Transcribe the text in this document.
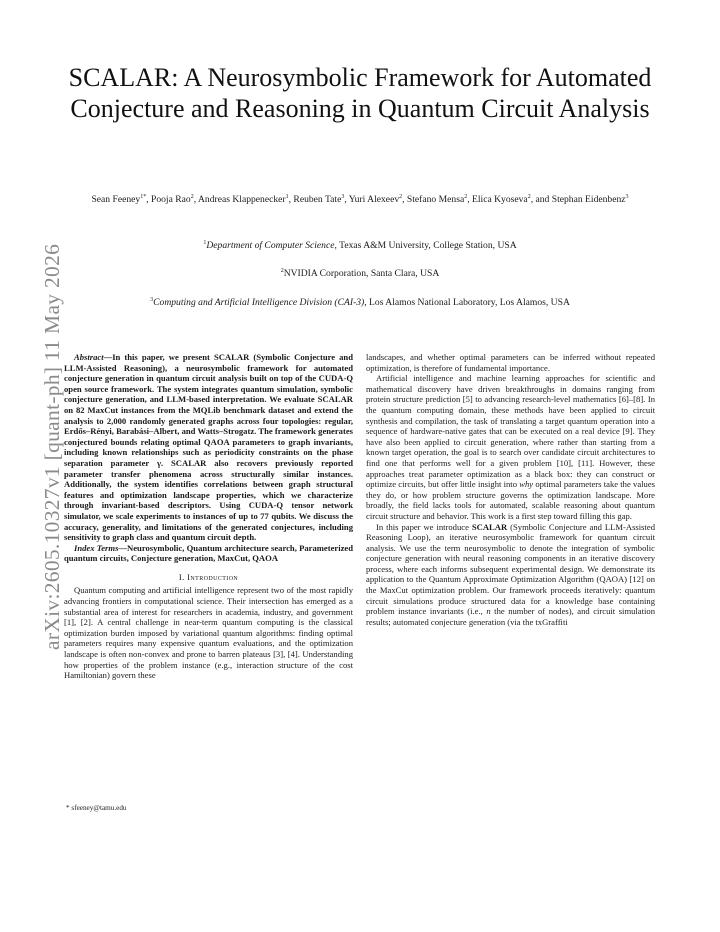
arXiv:2605.10327v1 [quant-ph] 11 May 2026
SCALAR: A Neurosymbolic Framework for Automated Conjecture and Reasoning in Quantum Circuit Analysis
Sean Feeney$^{1*}$, Pooja Rao$^2$, Andreas Klappenecker$^1$, Reuben Tate$^3$, Yuri Alexeev$^2$, Stefano Mensa$^2$, Elica Kyoseva$^2$, and Stephan Eidenbenz$^3$
$^1$Department of Computer Science, Texas A&M University, College Station, USA
$^2$NVIDIA Corporation, Santa Clara, USA
$^3$Computing and Artificial Intelligence Division (CAI-3), Los Alamos National Laboratory, Los Alamos, USA

Abstract—In this paper, we present SCALAR (Symbolic Conjecture and LLM-Assisted Reasoning), a neurosymbolic framework for automated conjecture generation in quantum circuit analysis built on top of the CUDA-Q open source framework. The system integrates quantum simulation, symbolic conjecture generation, and LLM-based interpretation. We evaluate SCALAR on 82 MaxCut instances from the MQLib benchmark dataset and extend the analysis to 2,000 randomly generated graphs across four topologies: regular, Erdős–Rényi, Barabási–Albert, and Watts–Strogatz. The framework generates conjectured bounds relating optimal QAOA parameters to graph invariants, including known relationships such as periodicity constraints on the phase separation parameter γ. SCALAR also recovers previously reported parameter transfer phenomena across structurally similar instances. Additionally, the system identifies correlations between graph structural features and optimization landscape properties, which we characterize through invariant-based descriptors. Using CUDA-Q tensor network simulator, we scale experiments to instances of up to 77 qubits. We discuss the accuracy, generality, and limitations of the generated conjectures, including sensitivity to graph class and quantum circuit depth.

Index Terms—Neurosymbolic, Quantum architecture search, Parameterized quantum circuits, Conjecture generation, MaxCut, QAOA

I. Introduction

Quantum computing and artificial intelligence represent two of the most rapidly advancing frontiers in computational science. Their intersection has emerged as a substantial area of interest for researchers in academia, industry, and government [1], [2]. A central challenge in near-term quantum computing is the classical optimization burden imposed by variational quantum algorithms: finding optimal parameters requires many expensive quantum evaluations, and the optimization landscape is often non-convex and prone to barren plateaus [3], [4]. Understanding how properties of the problem instance (e.g., interaction structure of the cost Hamiltonian) govern these

landscapes, and whether optimal parameters can be inferred without repeated optimization, is therefore of fundamental importance.

Artificial intelligence and machine learning approaches for scientific and mathematical discovery have driven breakthroughs in domains ranging from protein structure prediction [5] to advancing research-level mathematics [6]–[8]. In the quantum computing domain, these methods have been applied to circuit synthesis and compilation, the task of translating a target quantum operation into a sequence of hardware-native gates that can be executed on a real device [9]. They have also been applied to circuit generation, where rather than starting from a known target operation, the goal is to search over candidate circuit architectures to find one that performs well for a given problem [10], [11]. However, these approaches treat parameter optimization as a black box: they can construct or optimize circuits, but offer little insight into why optimal parameters take the values they do, or how problem structure governs the optimization landscape. More broadly, the field lacks tools for automated, scalable reasoning about quantum circuit structure and behavior. This work is a first step toward filling this gap.

In this paper we introduce SCALAR (Symbolic Conjecture and LLM-Assisted Reasoning Loop), an iterative neurosymbolic framework for quantum circuit analysis. We use the term neurosymbolic to denote the integration of symbolic conjecture generation with neural reasoning components in an iterative discovery process, where each informs subsequent experimental design. We demonstrate its application to the Quantum Approximate Optimization Algorithm (QAOA) [12] on the MaxCut optimization problem. Our framework proceeds iteratively: quantum circuit simulations produce structured data for a knowledge base containing problem instance invariants (i.e., n the number of nodes), and circuit simulation results; automated conjecture generation (via the txGraffiti

* sfeeney@tamu.edu
